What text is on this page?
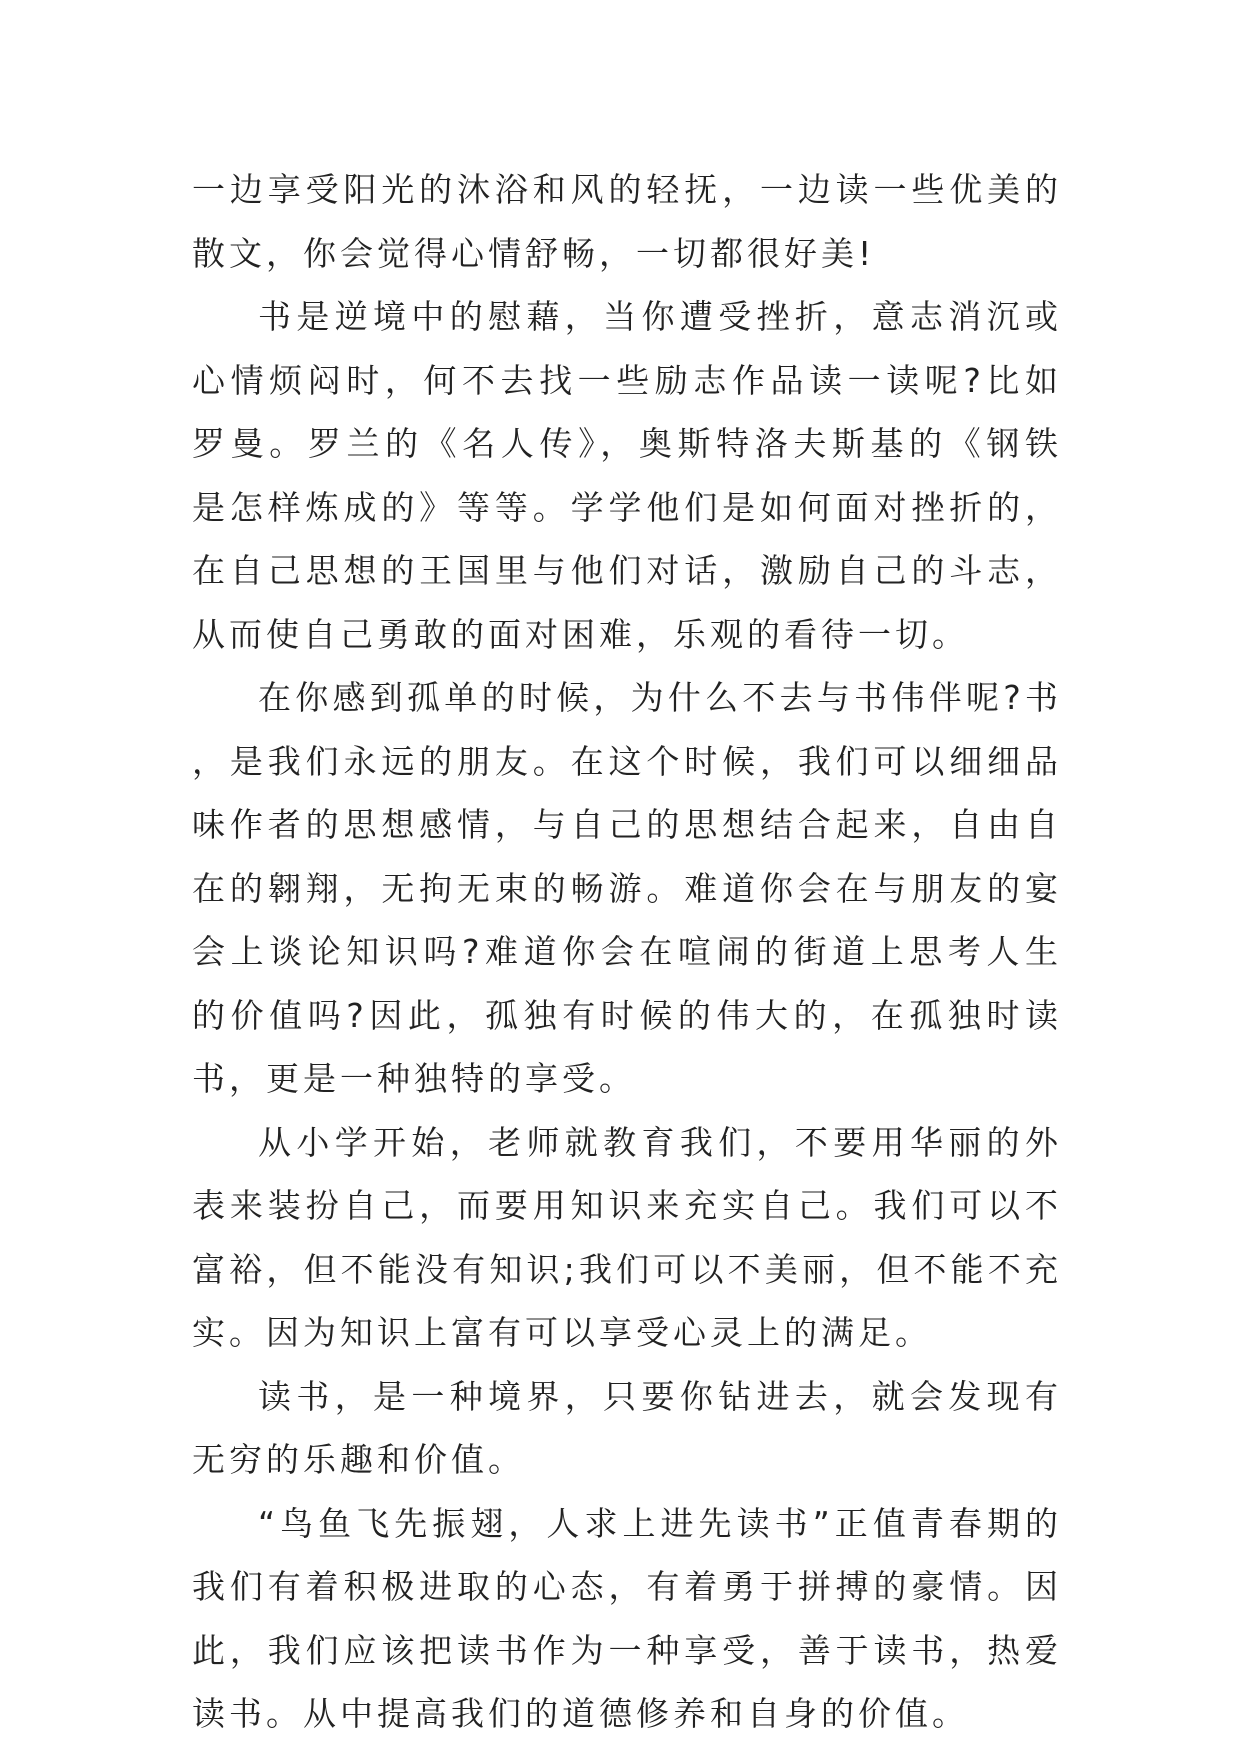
一边享受阳光的沐浴和风的轻抚，一边读一些优美的散文，你会觉得心情舒畅，一切都很好美!

书是逆境中的慰藉，当你遭受挫折，意志消沉或心情烦闷时，何不去找一些励志作品读一读呢?比如罗曼。罗兰的《名人传》，奥斯特洛夫斯基的《钢铁是怎样炼成的》等等。学学他们是如何面对挫折的，在自己思想的王国里与他们对话，激励自己的斗志，从而使自己勇敢的面对困难，乐观的看待一切。

在你感到孤单的时候，为什么不去与书伟伴呢?书，是我们永远的朋友。在这个时候，我们可以细细品味作者的思想感情，与自己的思想结合起来，自由自在的翱翔，无拘无束的畅游。难道你会在与朋友的宴会上谈论知识吗?难道你会在喧闹的街道上思考人生的价值吗?因此，孤独有时候的伟大的，在孤独时读书，更是一种独特的享受。

从小学开始，老师就教育我们，不要用华丽的外表来装扮自己，而要用知识来充实自己。我们可以不富裕，但不能没有知识;我们可以不美丽，但不能不充实。因为知识上富有可以享受心灵上的满足。

读书，是一种境界，只要你钻进去，就会发现有无穷的乐趣和价值。

“鸟鱼飞先振翅，人求上进先读书”正值青春期的我们有着积极进取的心态，有着勇于拼搏的豪情。因此，我们应该把读书作为一种享受，善于读书，热爱读书。从中提高我们的道德修养和自身的价值。
